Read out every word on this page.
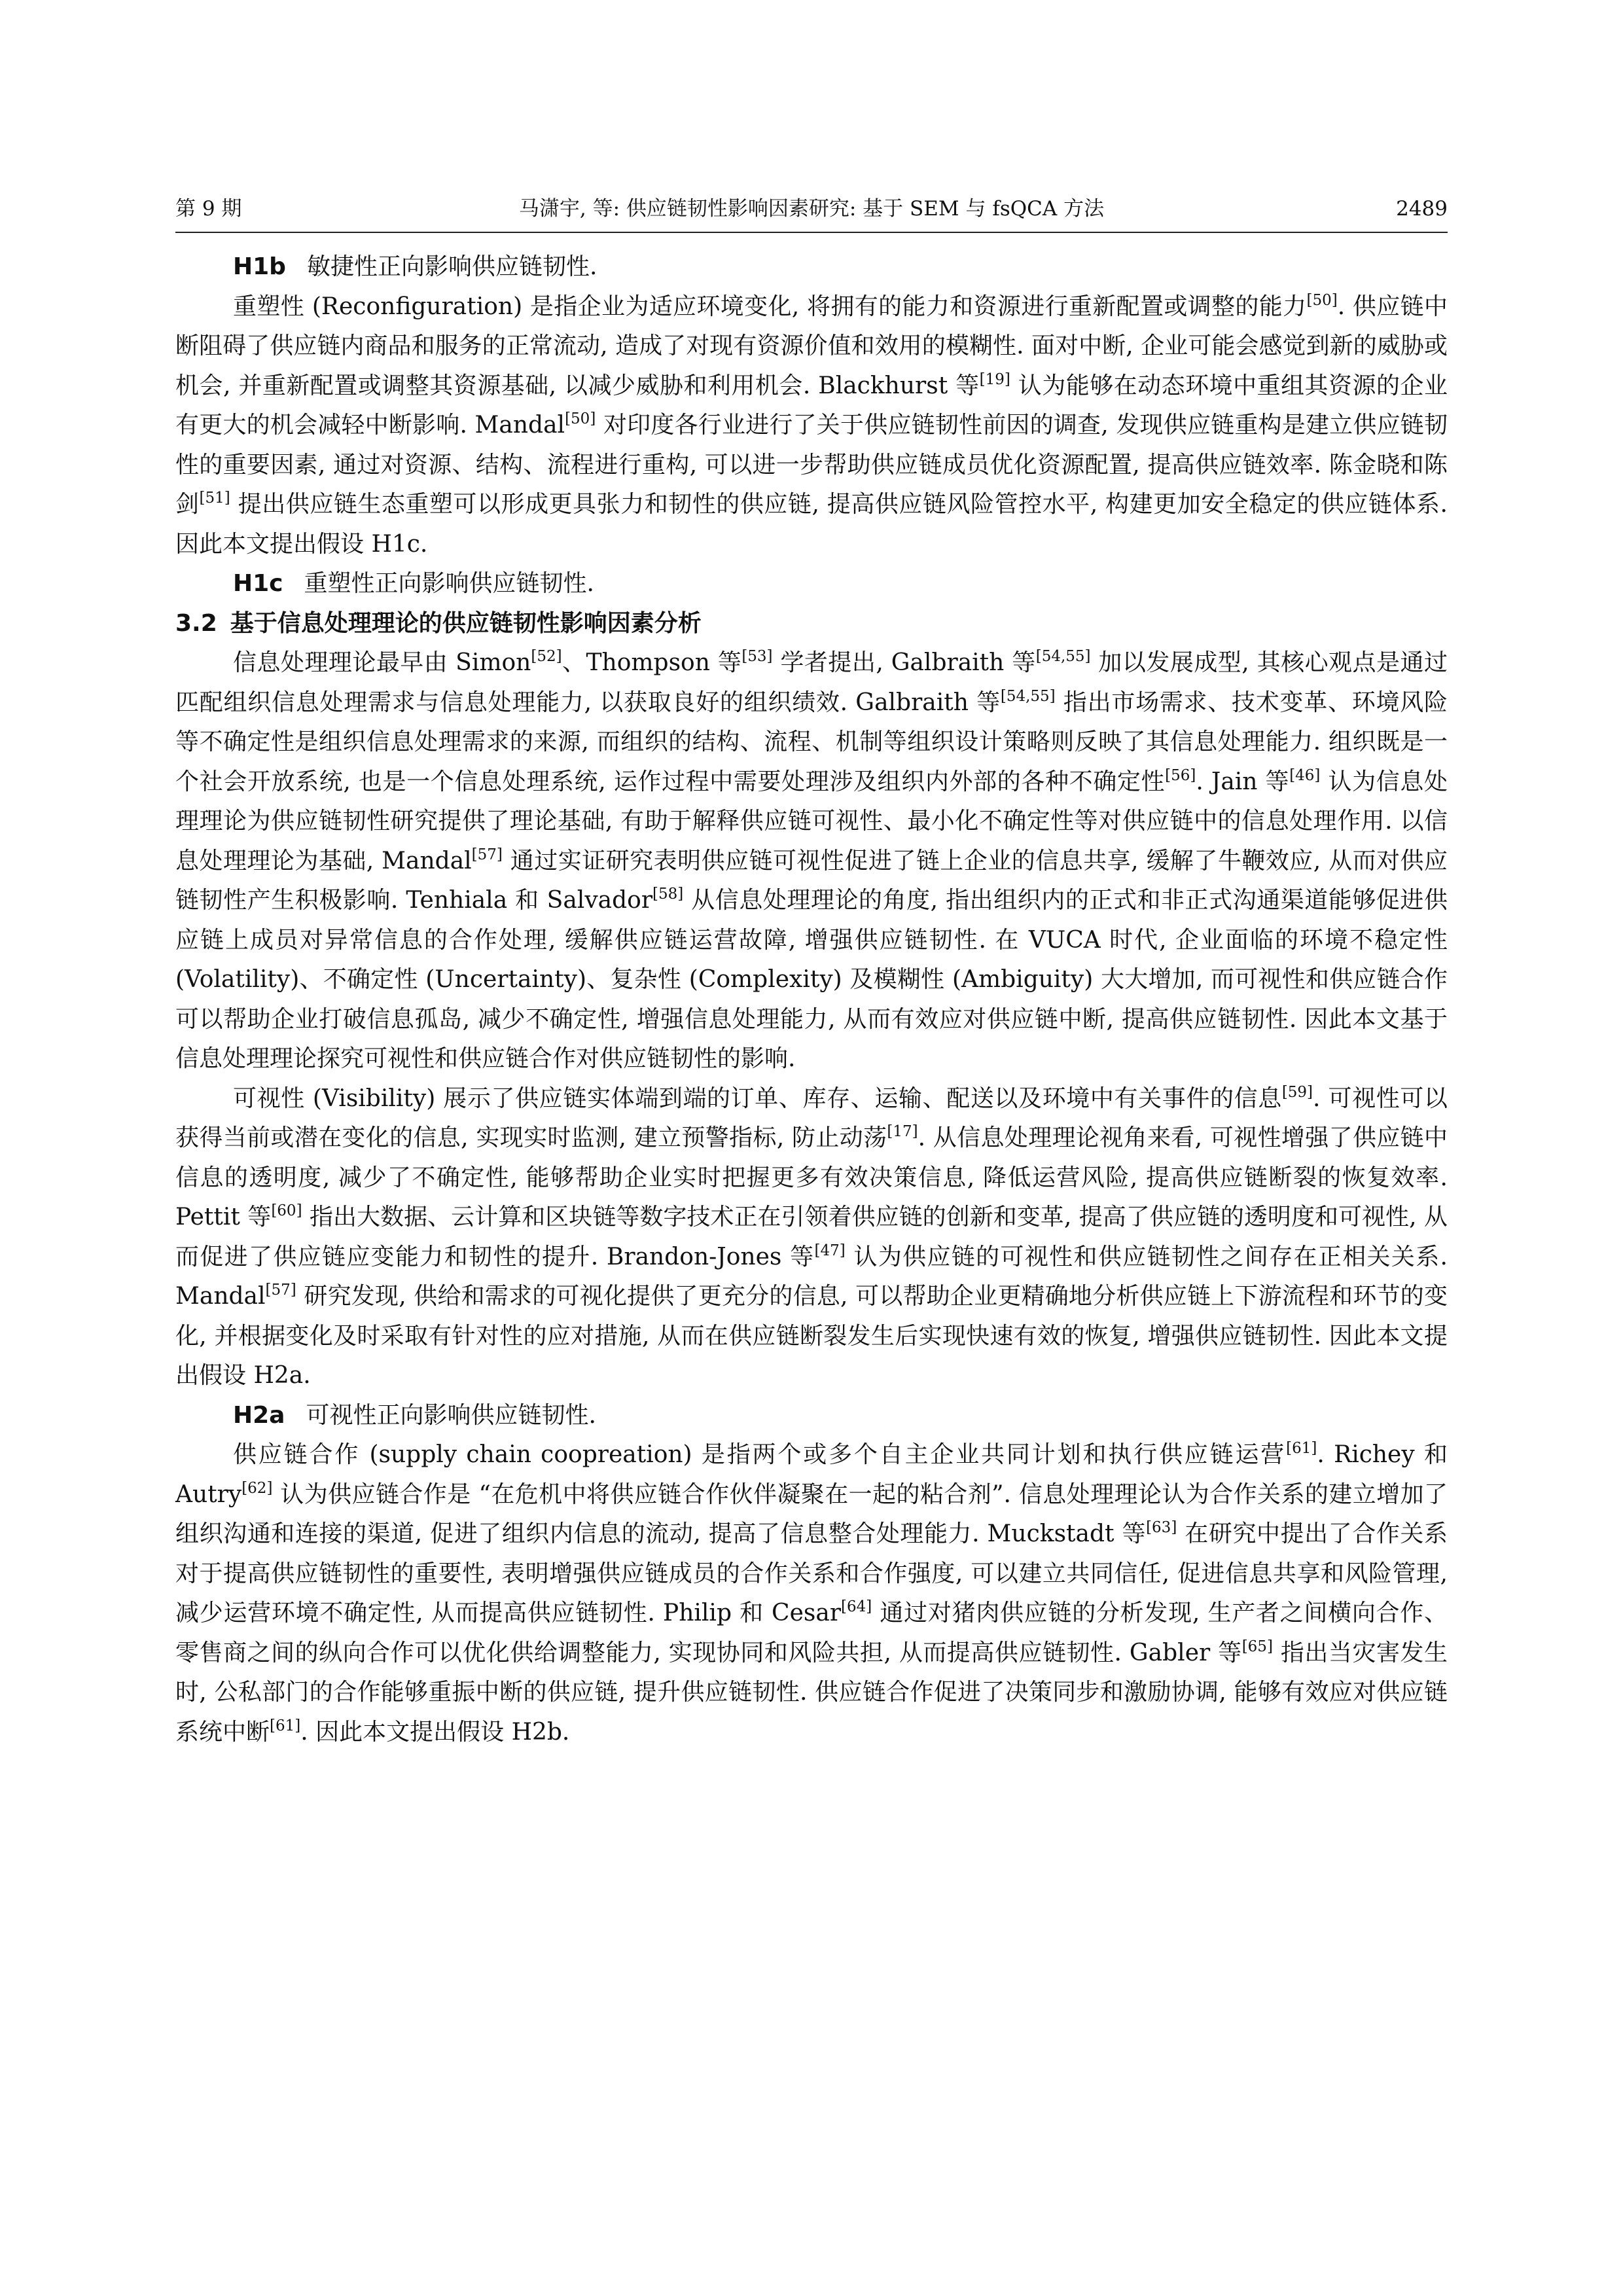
第 9 期	马潇宇, 等: 供应链韧性影响因素研究: 基于 SEM 与 fsQCA 方法	2489

H1b 敏捷性正向影响供应链韧性.

重塑性 (Reconfiguration) 是指企业为适应环境变化, 将拥有的能力和资源进行重新配置或调整的能力[50]. 供应链中断阻碍了供应链内商品和服务的正常流动, 造成了对现有资源价值和效用的模糊性. 面对中断, 企业可能会感觉到新的威胁或机会, 并重新配置或调整其资源基础, 以减少威胁和利用机会. Blackhurst 等[19] 认为能够在动态环境中重组其资源的企业有更大的机会减轻中断影响. Mandal[50] 对印度各行业进行了关于供应链韧性前因的调查, 发现供应链重构是建立供应链韧性的重要因素, 通过对资源、结构、流程进行重构, 可以进一步帮助供应链成员优化资源配置, 提高供应链效率. 陈金晓和陈剑[51] 提出供应链生态重塑可以形成更具张力和韧性的供应链, 提高供应链风险管控水平, 构建更加安全稳定的供应链体系. 因此本文提出假设 H1c.

H1c 重塑性正向影响供应链韧性.

3.2 基于信息处理理论的供应链韧性影响因素分析

信息处理理论最早由 Simon[52]、Thompson 等[53] 学者提出, Galbraith 等[54,55] 加以发展成型, 其核心观点是通过匹配组织信息处理需求与信息处理能力, 以获取良好的组织绩效. Galbraith 等[54,55] 指出市场需求、技术变革、环境风险等不确定性是组织信息处理需求的来源, 而组织的结构、流程、机制等组织设计策略则反映了其信息处理能力. 组织既是一个社会开放系统, 也是一个信息处理系统, 运作过程中需要处理涉及组织内外部的各种不确定性[56]. Jain 等[46] 认为信息处理理论为供应链韧性研究提供了理论基础, 有助于解释供应链可视性、最小化不确定性等对供应链中的信息处理作用. 以信息处理理论为基础, Mandal[57] 通过实证研究表明供应链可视性促进了链上企业的信息共享, 缓解了牛鞭效应, 从而对供应链韧性产生积极影响. Tenhiala 和 Salvador[58] 从信息处理理论的角度, 指出组织内的正式和非正式沟通渠道能够促进供应链上成员对异常信息的合作处理, 缓解供应链运营故障, 增强供应链韧性. 在 VUCA 时代, 企业面临的环境不稳定性 (Volatility)、不确定性 (Uncertainty)、复杂性 (Complexity) 及模糊性 (Ambiguity) 大大增加, 而可视性和供应链合作可以帮助企业打破信息孤岛, 减少不确定性, 增强信息处理能力, 从而有效应对供应链中断, 提高供应链韧性. 因此本文基于信息处理理论探究可视性和供应链合作对供应链韧性的影响.

可视性 (Visibility) 展示了供应链实体端到端的订单、库存、运输、配送以及环境中有关事件的信息[59]. 可视性可以获得当前或潜在变化的信息, 实现实时监测, 建立预警指标, 防止动荡[17]. 从信息处理理论视角来看, 可视性增强了供应链中信息的透明度, 减少了不确定性, 能够帮助企业实时把握更多有效决策信息, 降低运营风险, 提高供应链断裂的恢复效率. Pettit 等[60] 指出大数据、云计算和区块链等数字技术正在引领着供应链的创新和变革, 提高了供应链的透明度和可视性, 从而促进了供应链应变能力和韧性的提升. Brandon-Jones 等[47] 认为供应链的可视性和供应链韧性之间存在正相关关系. Mandal[57] 研究发现, 供给和需求的可视化提供了更充分的信息, 可以帮助企业更精确地分析供应链上下游流程和环节的变化, 并根据变化及时采取有针对性的应对措施, 从而在供应链断裂发生后实现快速有效的恢复, 增强供应链韧性. 因此本文提出假设 H2a.

H2a 可视性正向影响供应链韧性.

供应链合作 (supply chain coopreation) 是指两个或多个自主企业共同计划和执行供应链运营[61]. Richey 和 Autry[62] 认为供应链合作是 “在危机中将供应链合作伙伴凝聚在一起的粘合剂”. 信息处理理论认为合作关系的建立增加了组织沟通和连接的渠道, 促进了组织内信息的流动, 提高了信息整合处理能力. Muckstadt 等[63] 在研究中提出了合作关系对于提高供应链韧性的重要性, 表明增强供应链成员的合作关系和合作强度, 可以建立共同信任, 促进信息共享和风险管理, 减少运营环境不确定性, 从而提高供应链韧性. Philip 和 Cesar[64] 通过对猪肉供应链的分析发现, 生产者之间横向合作、零售商之间的纵向合作可以优化供给调整能力, 实现协同和风险共担, 从而提高供应链韧性. Gabler 等[65] 指出当灾害发生时, 公私部门的合作能够重振中断的供应链, 提升供应链韧性. 供应链合作促进了决策同步和激励协调, 能够有效应对供应链系统中断[61]. 因此本文提出假设 H2b.
